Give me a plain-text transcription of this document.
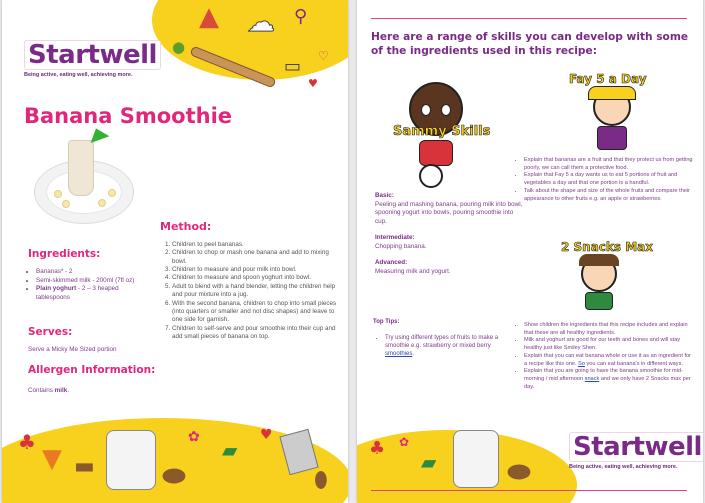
●
▲ ☁ ⚲
▭ ♡
♥
Startwell
Being active, eating well, achieving more.
Banana Smoothie
Method:
1. Children to peel bananas.
2. Children to chop or mash one banana and add to mixing bowl.
3. Children to measure and pour milk into bowl.
4. Children to measure and spoon yoghurt into bowl.
5. Adult to blend with a hand blender, letting the children help and pour mixture into a jug.
6. With the second banana, children to chop into small pieces (into quarters or smaller and not disc shapes) and leave to one side for garnish.
7. Children to self-serve and pour smoothie into their cup and add small pieces of banana on top.
Ingredients:
• Bananas* - 2
• Semi-skimmed milk - 200ml (7fl oz)
• Plain yoghurt - 2 – 3 heaped tablespoons
Serves:
Serve a Micky Me Sized portion
Allergen Information:
Contains milk.
♣
▼ ▬ ⬬
✿
▰
♥
⬮
Here are a range of skills you can develop with some of the ingredients used in this recipe:
Sammy Skills
Fay 5 a Day
• Explain that bananas are a fruit and that they protect us from getting poorly, we can call them a protective food.
• Explain that Fay 5 a day wants us to eat 5 portions of fruit and vegetables a day and that one portion is a handful.
• Talk about the shape and size of the whole fruits and compare their appearance to other fruits e.g. an apple or strawberries.
Basic:
Peeling and mashing banana, pouring milk into bowl, spooning yogurt into bowls, pouring smoothie into cup.
Intermediate:
Chopping banana.
Advanced:
Measuring milk and yogurt.
2 Snacks Max
Top Tips:
• Try using different types of fruits to make a smoothie e.g. strawberry or mixed berry smoothies.
• Show children the ingredients that this recipe includes and explain that these are all healthy ingredients.
• Milk and yoghurt are good for our teeth and bones and will stay healthy just like Smiley Shen.
• Explain that you can eat banana whole or use it as an ingredient for a recipe like this one. So you can eat banana's in different ways.
• Explain that you are going to have the banana smoothie for mid-morning / mid afternoon snack and we only have 2 Snacks max per day.
♣ ✿
▰	⬬
Startwell
Being active, eating well, achieving more.
